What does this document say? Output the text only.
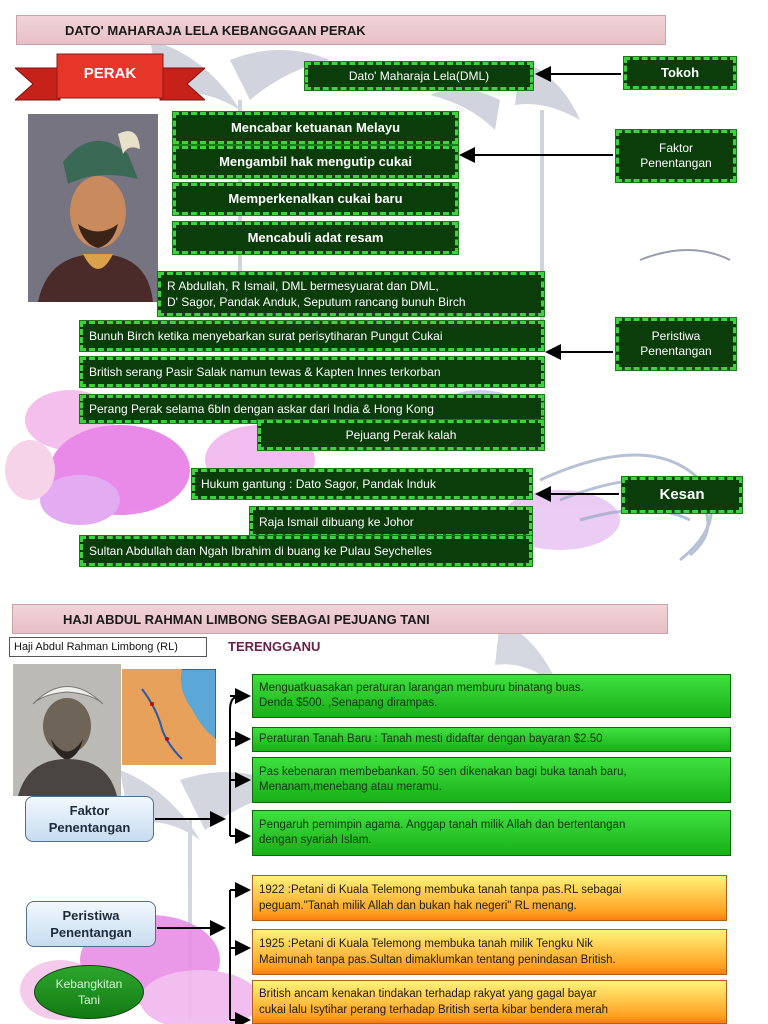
DATO' MAHARAJA LELA KEBANGGAAN PERAK
PERAK	Tokoh
Dato' Maharaja Lela(DML)
Faktor
Penentangan
Mencabar ketuanan Melayu
Mengambil hak mengutip cukai
Memperkenalkan cukai baru
Mencabuli adat resam
R Abdullah, R Ismail, DML bermesyuarat dan DML,
D' Sagor, Pandak Anduk, Seputum rancang bunuh Birch
Bunuh Birch ketika menyebarkan surat perisytiharan Pungut Cukai
British serang Pasir Salak namun tewas & Kapten Innes terkorban
Perang Perak selama 6bln dengan askar dari India & Hong Kong
Pejuang Perak kalah
Peristiwa
Penentangan
Hukum gantung : Dato Sagor, Pandak Induk
Raja Ismail dibuang ke Johor
Sultan Abdullah dan Ngah Ibrahim di buang ke Pulau Seychelles
Kesan
HAJI ABDUL RAHMAN LIMBONG SEBAGAI PEJUANG TANI
Haji Abdul Rahman Limbong (RL)	TERENGGANU
Faktor
Penentangan
Menguatkuasakan peraturan larangan memburu binatang buas.
Denda $500. ,Senapang dirampas.
Peraturan Tanah Baru : Tanah mesti didaftar dengan bayaran $2.50
Pas kebenaran membebankan. 50 sen dikenakan bagi buka tanah baru,
Menanam,menebang atau meramu.
Pengaruh pemimpin agama. Anggap tanah milik Allah dan bertentangan
dengan syariah Islam.
Peristiwa
Penentangan
Kebangkitan
Tani
1922 :Petani di Kuala Telemong membuka tanah tanpa pas.RL sebagai
peguam."Tanah milik Allah dan bukan hak negeri" RL menang.
1925 :Petani di Kuala Telemong membuka tanah milik Tengku Nik
Maimunah tanpa pas.Sultan dimaklumkan tentang penindasan British.
British ancam kenakan tindakan terhadap rakyat yang gagal bayar
cukai lalu Isytihar perang terhadap British serta kibar bendera merah
